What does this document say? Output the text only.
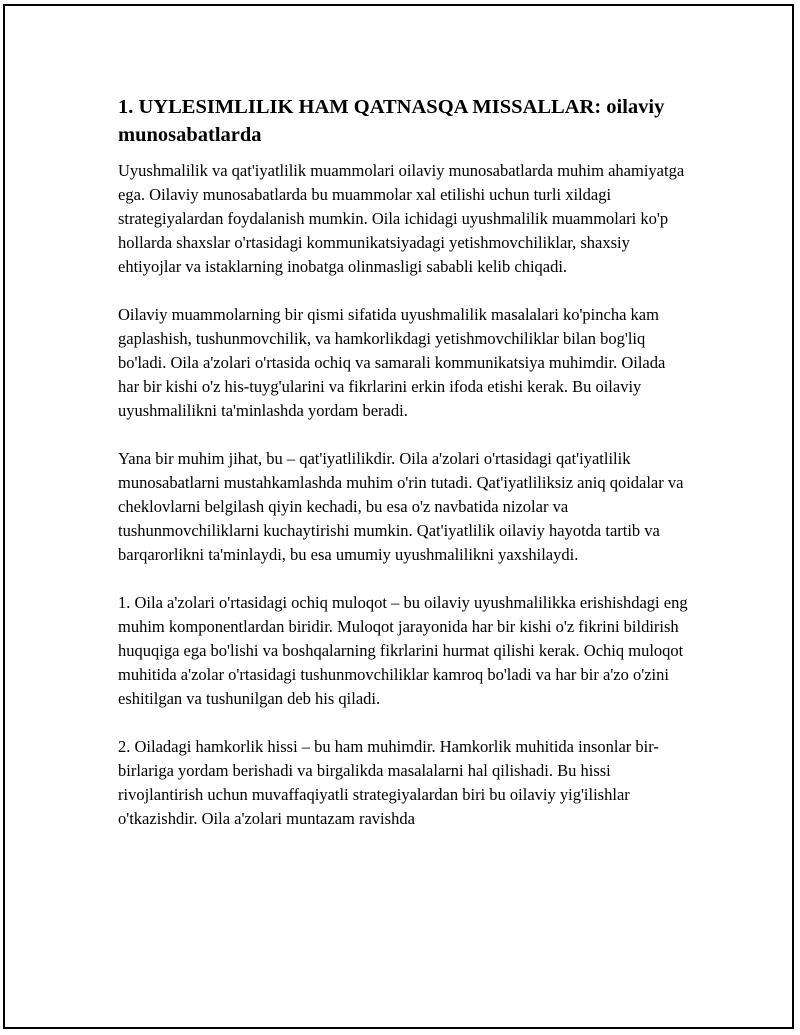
1. UYLESIMLILIK HAM QATNASQA MISSALLAR: oilaviy munosabatlarda

Uyushmalilik va qat'iyatlilik muammolari oilaviy munosabatlarda muhim ahamiyatga ega. Oilaviy munosabatlarda bu muammolar xal etilishi uchun turli xildagi strategiyalardan foydalanish mumkin. Oila ichidagi uyushmalilik muammolari ko'p hollarda shaxslar o'rtasidagi kommunikatsiyadagi yetishmovchiliklar, shaxsiy ehtiyojlar va istaklarning inobatga olinmasligi sababli kelib chiqadi.

Oilaviy muammolarning bir qismi sifatida uyushmalilik masalalari ko'pincha kam gaplashish, tushunmovchilik, va hamkorlikdagi yetishmovchiliklar bilan bog'liq bo'ladi. Oila a'zolari o'rtasida ochiq va samarali kommunikatsiya muhimdir. Oilada har bir kishi o'z his-tuyg'ularini va fikrlarini erkin ifoda etishi kerak. Bu oilaviy uyushmalilikni ta'minlashda yordam beradi.

Yana bir muhim jihat, bu – qat'iyatlilikdir. Oila a'zolari o'rtasidagi qat'iyatlilik munosabatlarni mustahkamlashda muhim o'rin tutadi. Qat'iyatliliksiz aniq qoidalar va cheklovlarni belgilash qiyin kechadi, bu esa o'z navbatida nizolar va tushunmovchiliklarni kuchaytirishi mumkin. Qat'iyatlilik oilaviy hayotda tartib va barqarorlikni ta'minlaydi, bu esa umumiy uyushmalilikni yaxshilaydi.

1. Oila a'zolari o'rtasidagi ochiq muloqot – bu oilaviy uyushmalilikka erishishdagi eng muhim komponentlardan biridir. Muloqot jarayonida har bir kishi o'z fikrini bildirish huquqiga ega bo'lishi va boshqalarning fikrlarini hurmat qilishi kerak. Ochiq muloqot muhitida a'zolar o'rtasidagi tushunmovchiliklar kamroq bo'ladi va har bir a'zo o'zini eshitilgan va tushunilgan deb his qiladi.

2. Oiladagi hamkorlik hissi – bu ham muhimdir. Hamkorlik muhitida insonlar bir-birlariga yordam berishadi va birgalikda masalalarni hal qilishadi. Bu hissi rivojlantirish uchun muvaffaqiyatli strategiyalardan biri bu oilaviy yig'ilishlar o'tkazishdir. Oila a'zolari muntazam ravishda
